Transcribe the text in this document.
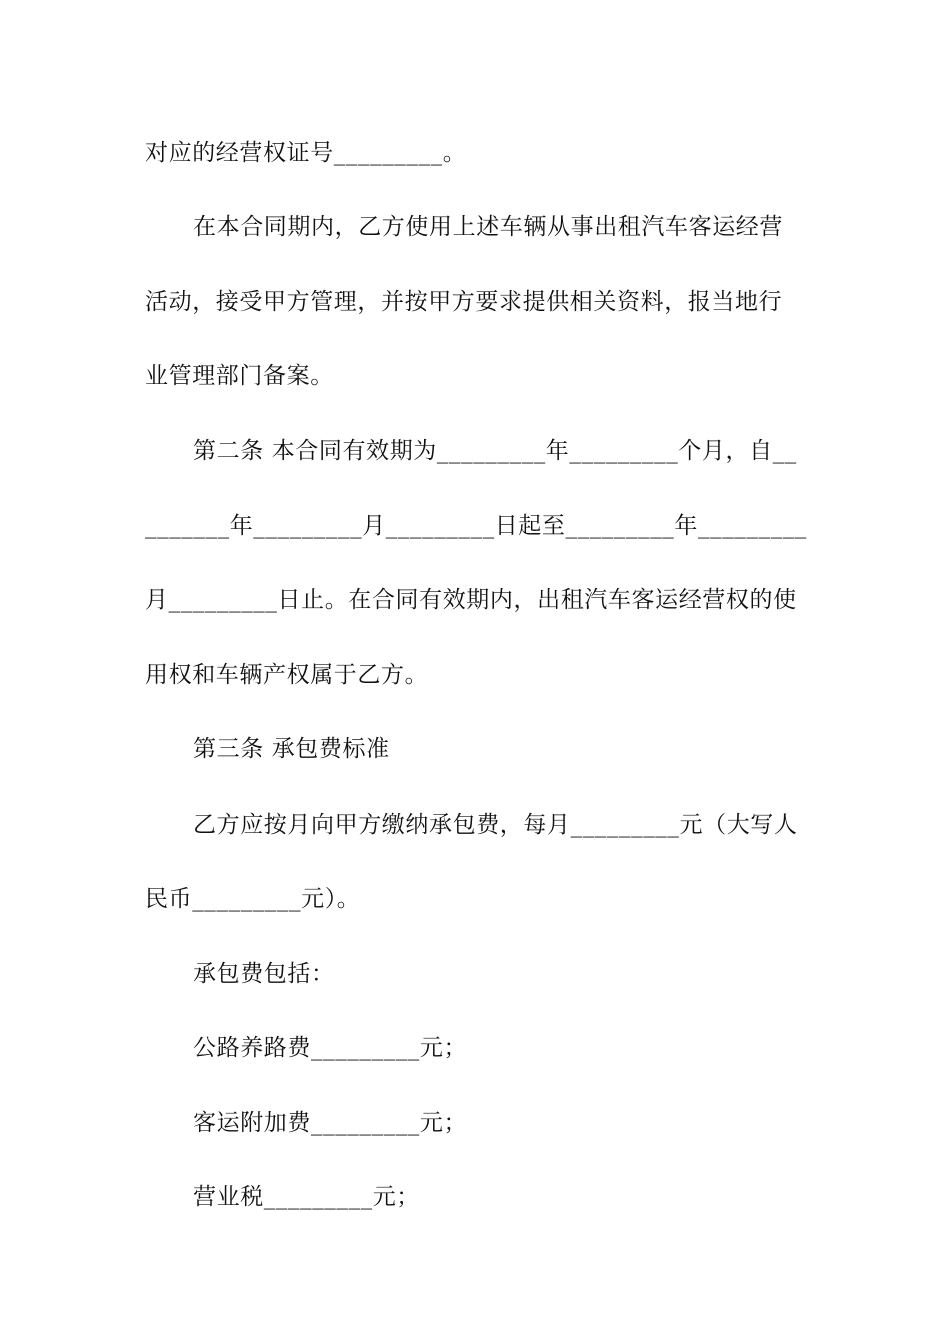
对应的经营权证号_________。
在本合同期内，乙方使用上述车辆从事出租汽车客运经营
活动，接受甲方管理，并按甲方要求提供相关资料，报当地行
业管理部门备案。
第二条 本合同有效期为_________年_________个月，自__
_______年_________月_________日起至_________年_________
月_________日止。在合同有效期内，出租汽车客运经营权的使
用权和车辆产权属于乙方。
第三条 承包费标准
乙方应按月向甲方缴纳承包费，每月_________元（大写人
民币_________元）。
承包费包括：
公路养路费_________元；
客运附加费_________元；
营业税_________元；
